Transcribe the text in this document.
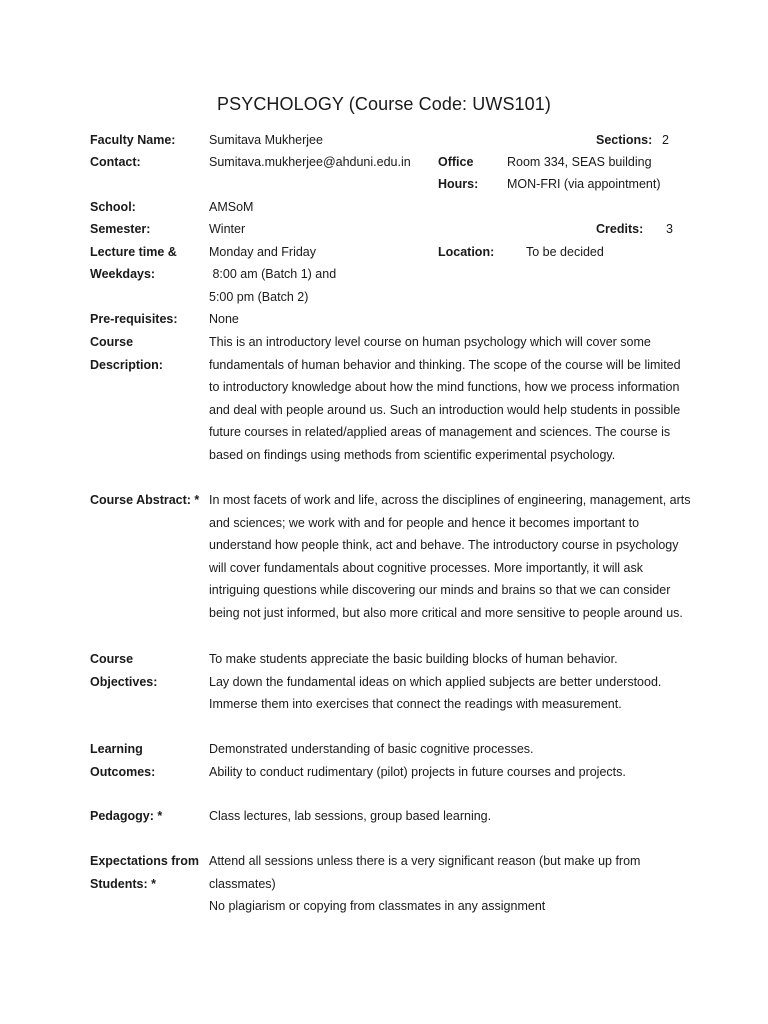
PSYCHOLOGY (Course Code: UWS101)
Faculty Name:	Sumitava Mukherjee	Sections: 2
Contact:	Sumitava.mukherjee@ahduni.edu.in Office	Room 334, SEAS building
Hours: MON-FRI (via appointment)
School:	AMSoM
Semester:	Winter	Credits: 3
Lecture time &	Monday and Friday	Location:	To be decided
Weekdays:	8:00 am (Batch 1) and
5:00 pm (Batch 2)
Pre-requisites:	None
Course
Description:
This is an introductory level course on human psychology which will cover some
fundamentals of human behavior and thinking. The scope of the course will be limited
to introductory knowledge about how the mind functions, how we process information
and deal with people around us. Such an introduction would help students in possible
future courses in related/applied areas of management and sciences. The course is
based on findings using methods from scientific experimental psychology.
Course Abstract: * In most facets of work and life, across the disciplines of engineering, management, arts
and sciences; we work with and for people and hence it becomes important to
understand how people think, act and behave. The introductory course in psychology
will cover fundamentals about cognitive processes. More importantly, it will ask
intriguing questions while discovering our minds and brains so that we can consider
being not just informed, but also more critical and more sensitive to people around us.
Course
Objectives:
To make students appreciate the basic building blocks of human behavior.
Lay down the fundamental ideas on which applied subjects are better understood.
Immerse them into exercises that connect the readings with measurement.
Learning
Outcomes:
Demonstrated understanding of basic cognitive processes.
Ability to conduct rudimentary (pilot) projects in future courses and projects.
Pedagogy: *	Class lectures, lab sessions, group based learning.
Expectations from
Students: *
Attend all sessions unless there is a very significant reason (but make up from
classmates)
No plagiarism or copying from classmates in any assignment
